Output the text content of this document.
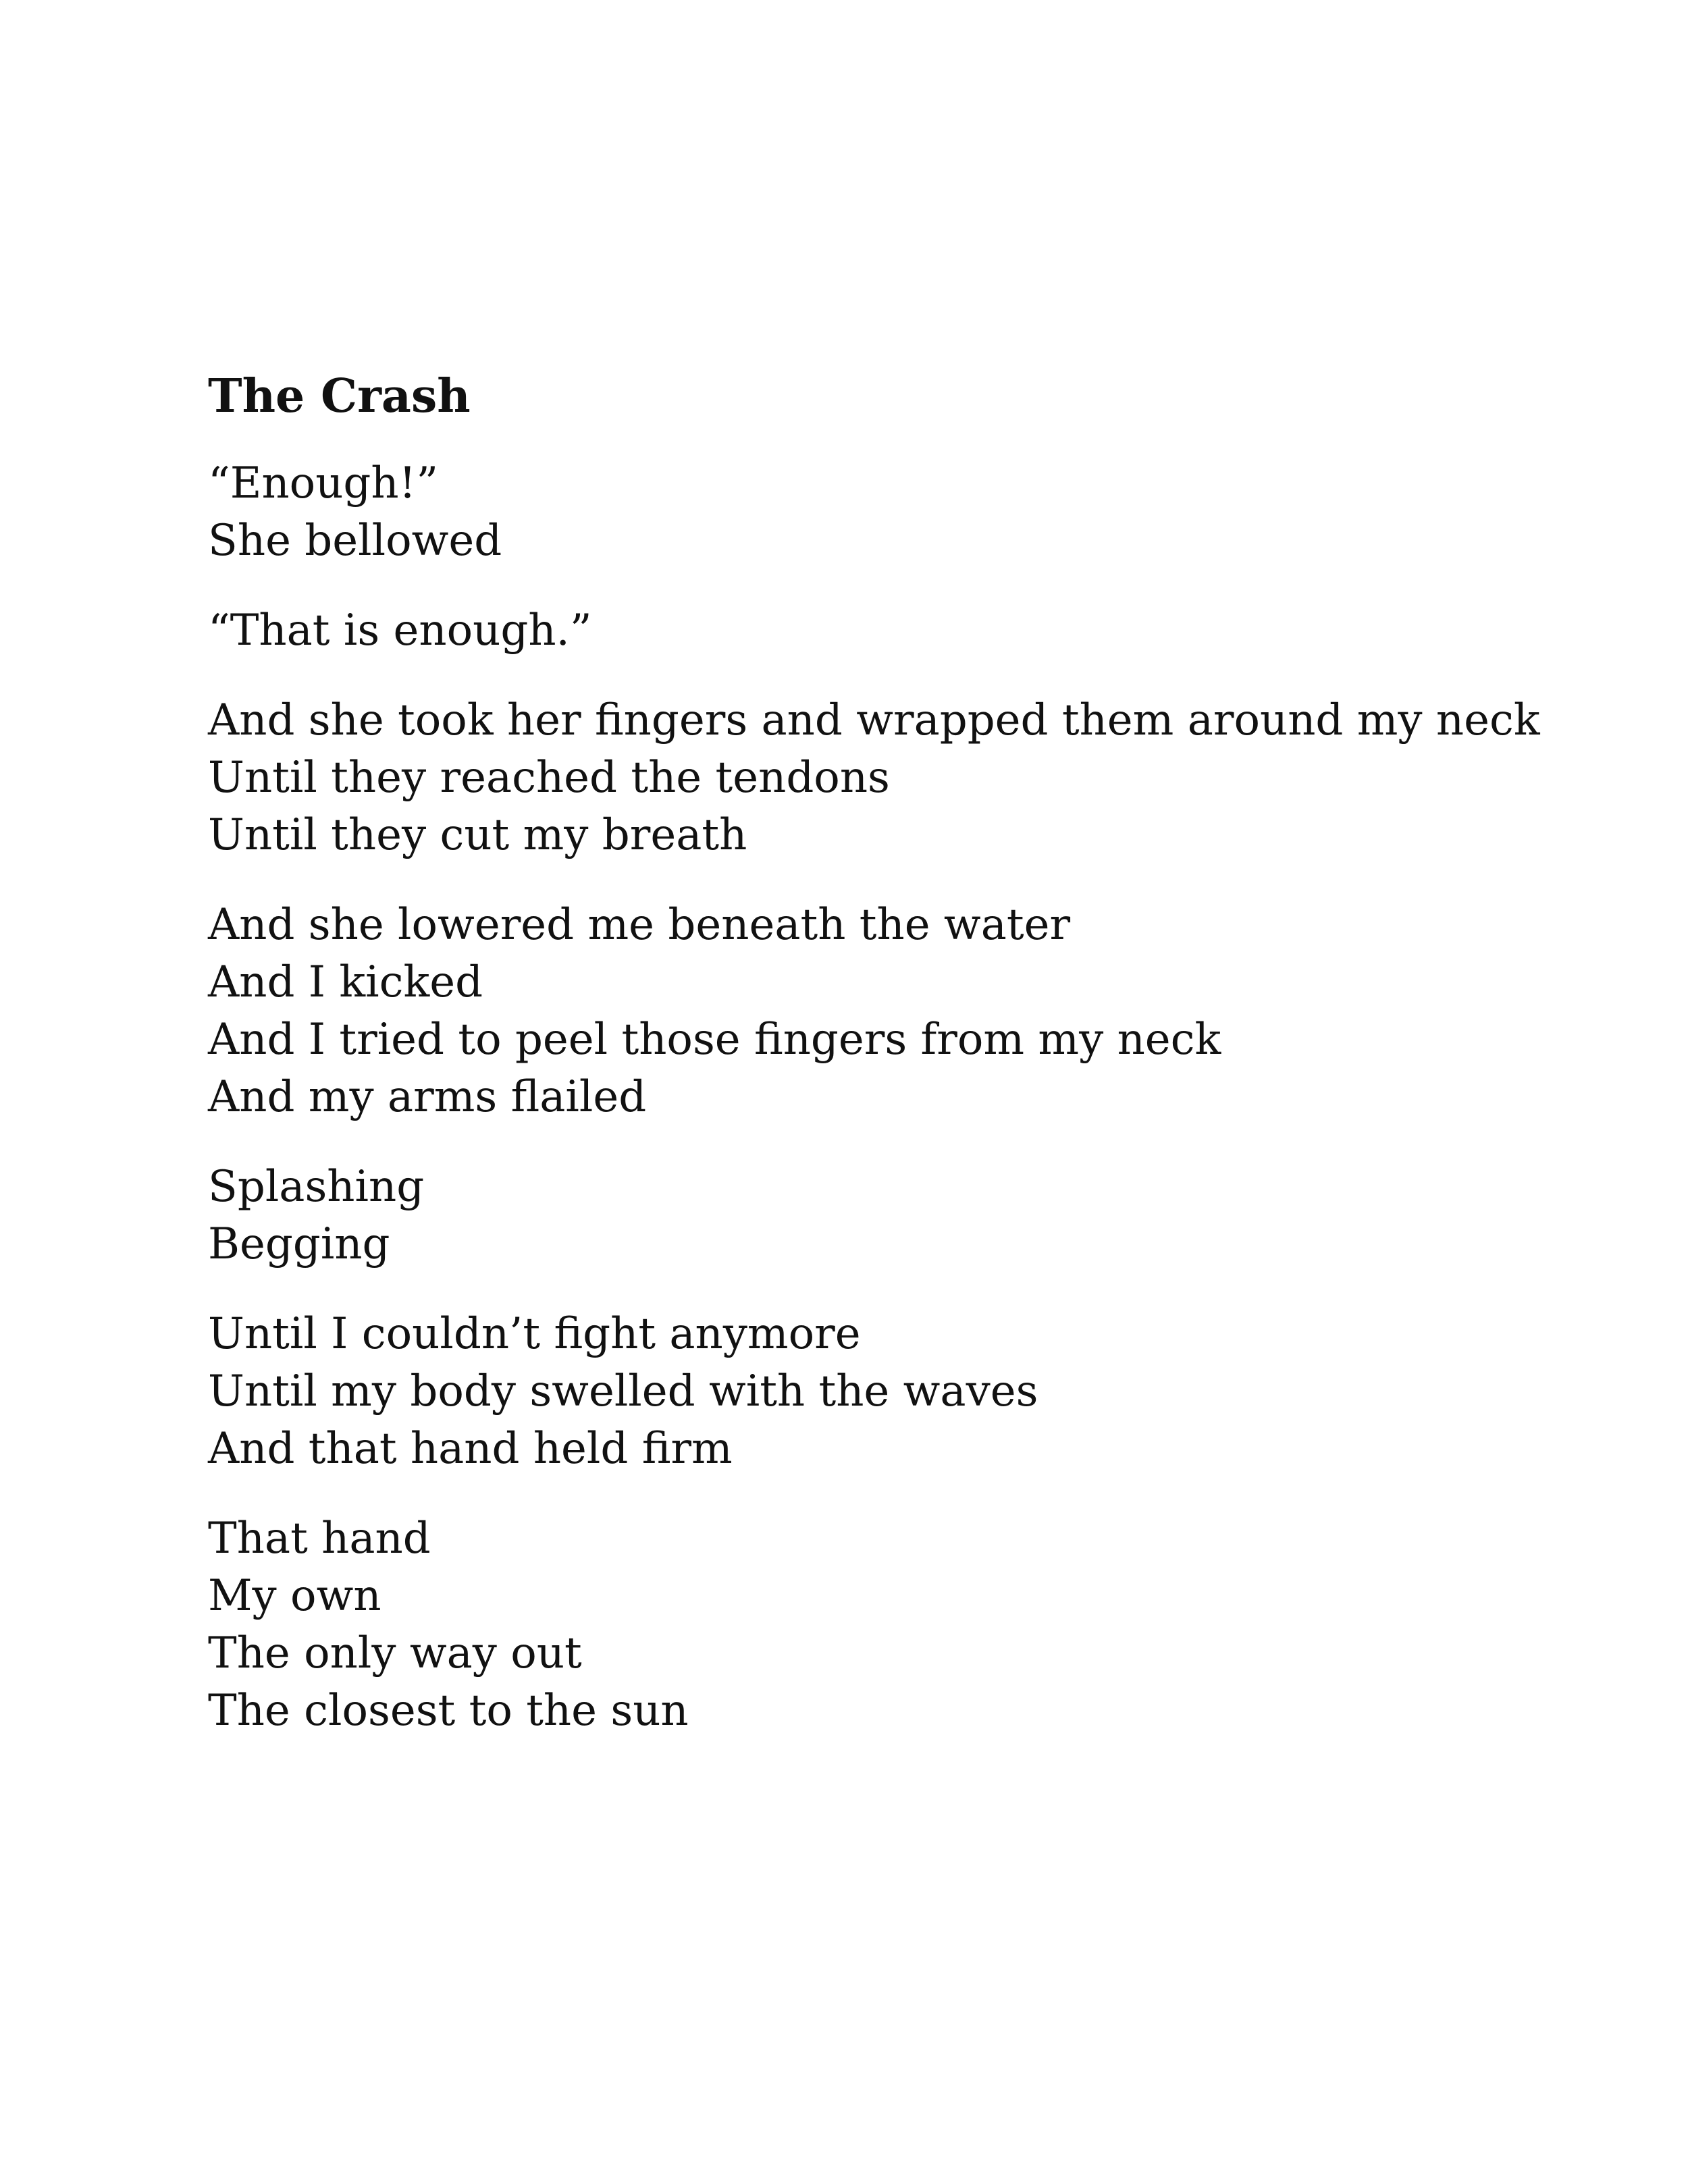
The Crash
“Enough!”
She bellowed
“That is enough.”
And she took her fingers and wrapped them around my neck
Until they reached the tendons
Until they cut my breath
And she lowered me beneath the water
And I kicked
And I tried to peel those fingers from my neck
And my arms flailed
Splashing
Begging
Until I couldn’t fight anymore
Until my body swelled with the waves
And that hand held firm
That hand
My own
The only way out
The closest to the sun
